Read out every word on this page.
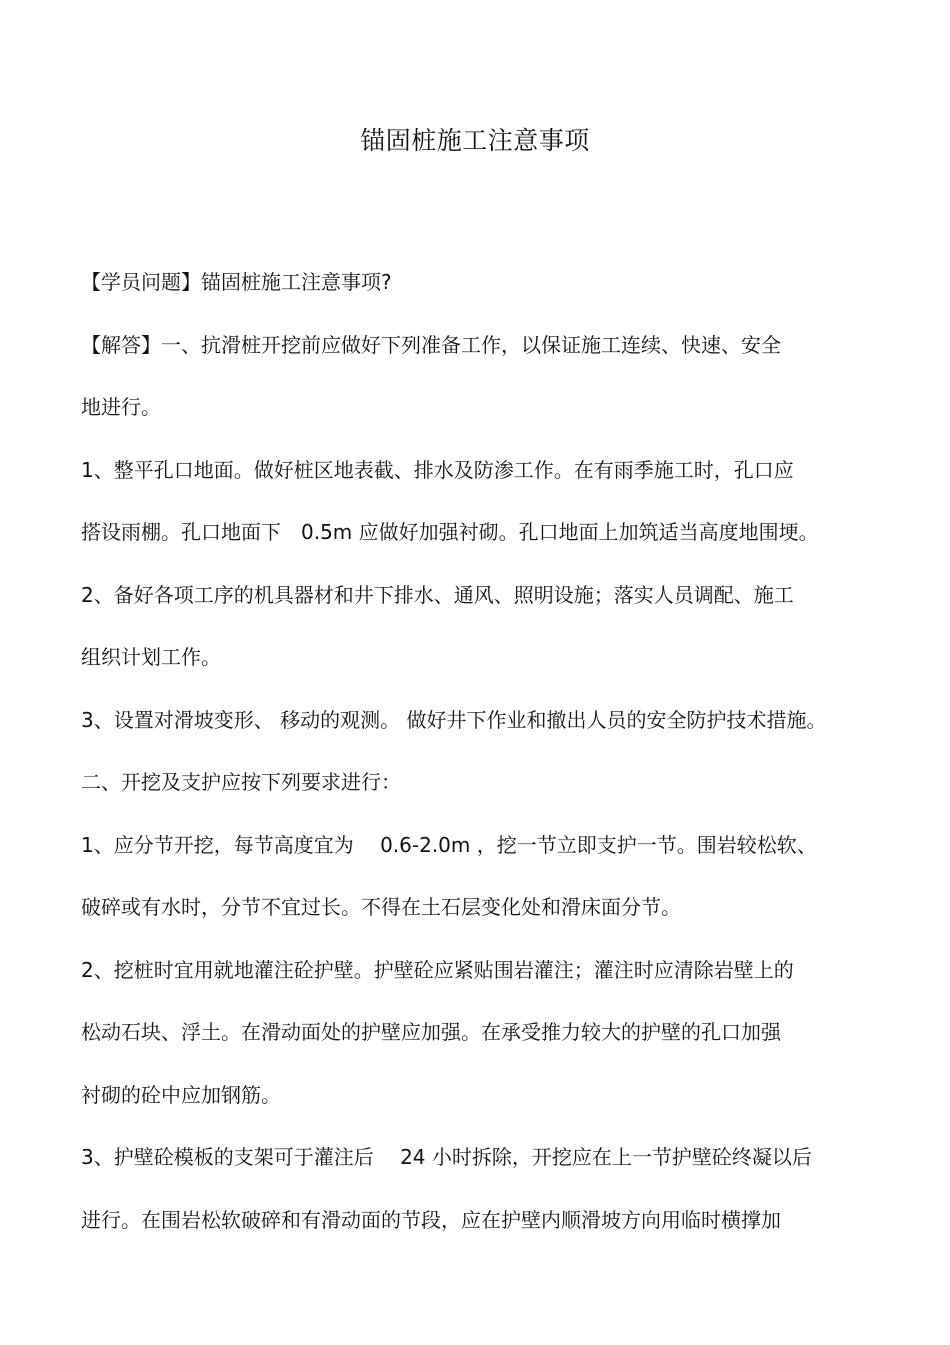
锚固桩施工注意事项
【学员问题】锚固桩施工注意事项?
【解答】一、抗滑桩开挖前应做好下列准备工作，以保证施工连续、快速、安全
地进行。
1、整平孔口地面。做好桩区地表截、排水及防渗工作。在有雨季施工时，孔口应
搭设雨棚。孔口地面下　0.5m 应做好加强衬砌。孔口地面上加筑适当高度地围埂。
2、备好各项工序的机具器材和井下排水、通风、照明设施；落实人员调配、施工
组织计划工作。
3、设置对滑坡变形、 移动的观测。 做好井下作业和撤出人员的安全防护技术措施。
二、开挖及支护应按下列要求进行：
1、应分节开挖，每节高度宜为　 0.6-2.0m ，挖一节立即支护一节。围岩较松软、
破碎或有水时，分节不宜过长。不得在土石层变化处和滑床面分节。
2、挖桩时宜用就地灌注砼护壁。护壁砼应紧贴围岩灌注；灌注时应清除岩壁上的
松动石块、浮土。在滑动面处的护壁应加强。在承受推力较大的护壁的孔口加强
衬砌的砼中应加钢筋。
3、护壁砼模板的支架可于灌注后　 24 小时拆除，开挖应在上一节护壁砼终凝以后
进行。在围岩松软破碎和有滑动面的节段，应在护壁内顺滑坡方向用临时横撑加
